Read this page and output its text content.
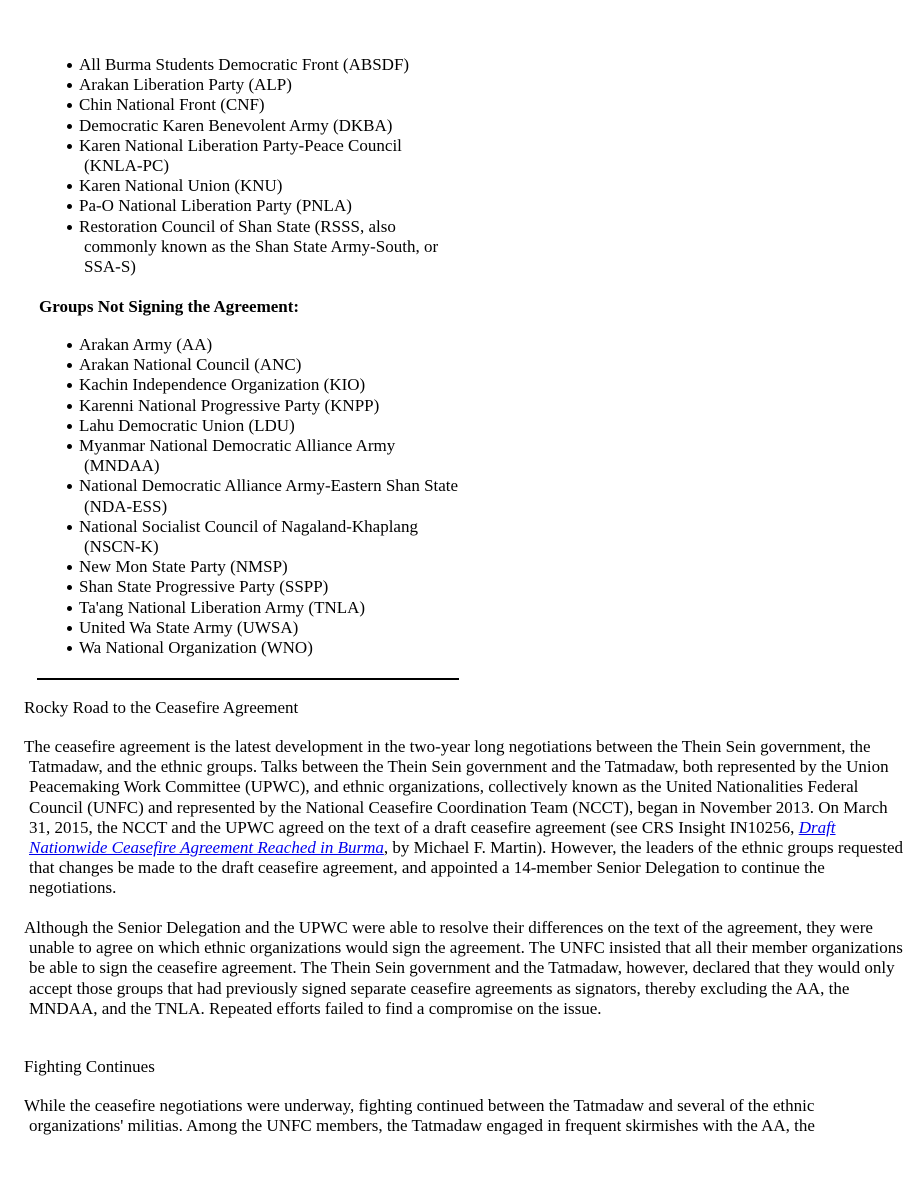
All Burma Students Democratic Front (ABSDF)
Arakan Liberation Party (ALP)
Chin National Front (CNF)
Democratic Karen Benevolent Army (DKBA)
Karen National Liberation Party-Peace Council (KNLA-PC)
Karen National Union (KNU)
Pa-O National Liberation Party (PNLA)
Restoration Council of Shan State (RSSS, also commonly known as the Shan State Army-South, or SSA-S)

Groups Not Signing the Agreement:

Arakan Army (AA)
Arakan National Council (ANC)
Kachin Independence Organization (KIO)
Karenni National Progressive Party (KNPP)
Lahu Democratic Union (LDU)
Myanmar National Democratic Alliance Army (MNDAA)
National Democratic Alliance Army-Eastern Shan State (NDA-ESS)
National Socialist Council of Nagaland-Khaplang (NSCN-K)
New Mon State Party (NMSP)
Shan State Progressive Party (SSPP)
Ta'ang National Liberation Army (TNLA)
United Wa State Army (UWSA)
Wa National Organization (WNO)
Rocky Road to the Ceasefire Agreement

The ceasefire agreement is the latest development in the two-year long negotiations between the Thein Sein government, the Tatmadaw, and the ethnic groups. Talks between the Thein Sein government and the Tatmadaw, both represented by the Union Peacemaking Work Committee (UPWC), and ethnic organizations, collectively known as the United Nationalities Federal Council (UNFC) and represented by the National Ceasefire Coordination Team (NCCT), began in November 2013. On March 31, 2015, the NCCT and the UPWC agreed on the text of a draft ceasefire agreement (see CRS Insight IN10256, Draft Nationwide Ceasefire Agreement Reached in Burma, by Michael F. Martin). However, the leaders of the ethnic groups requested that changes be made to the draft ceasefire agreement, and appointed a 14-member Senior Delegation to continue the negotiations.

Although the Senior Delegation and the UPWC were able to resolve their differences on the text of the agreement, they were unable to agree on which ethnic organizations would sign the agreement. The UNFC insisted that all their member organizations be able to sign the ceasefire agreement. The Thein Sein government and the Tatmadaw, however, declared that they would only accept those groups that had previously signed separate ceasefire agreements as signators, thereby excluding the AA, the MNDAA, and the TNLA. Repeated efforts failed to find a compromise on the issue.

Fighting Continues

While the ceasefire negotiations were underway, fighting continued between the Tatmadaw and several of the ethnic organizations' militias. Among the UNFC members, the Tatmadaw engaged in frequent skirmishes with the AA, the
